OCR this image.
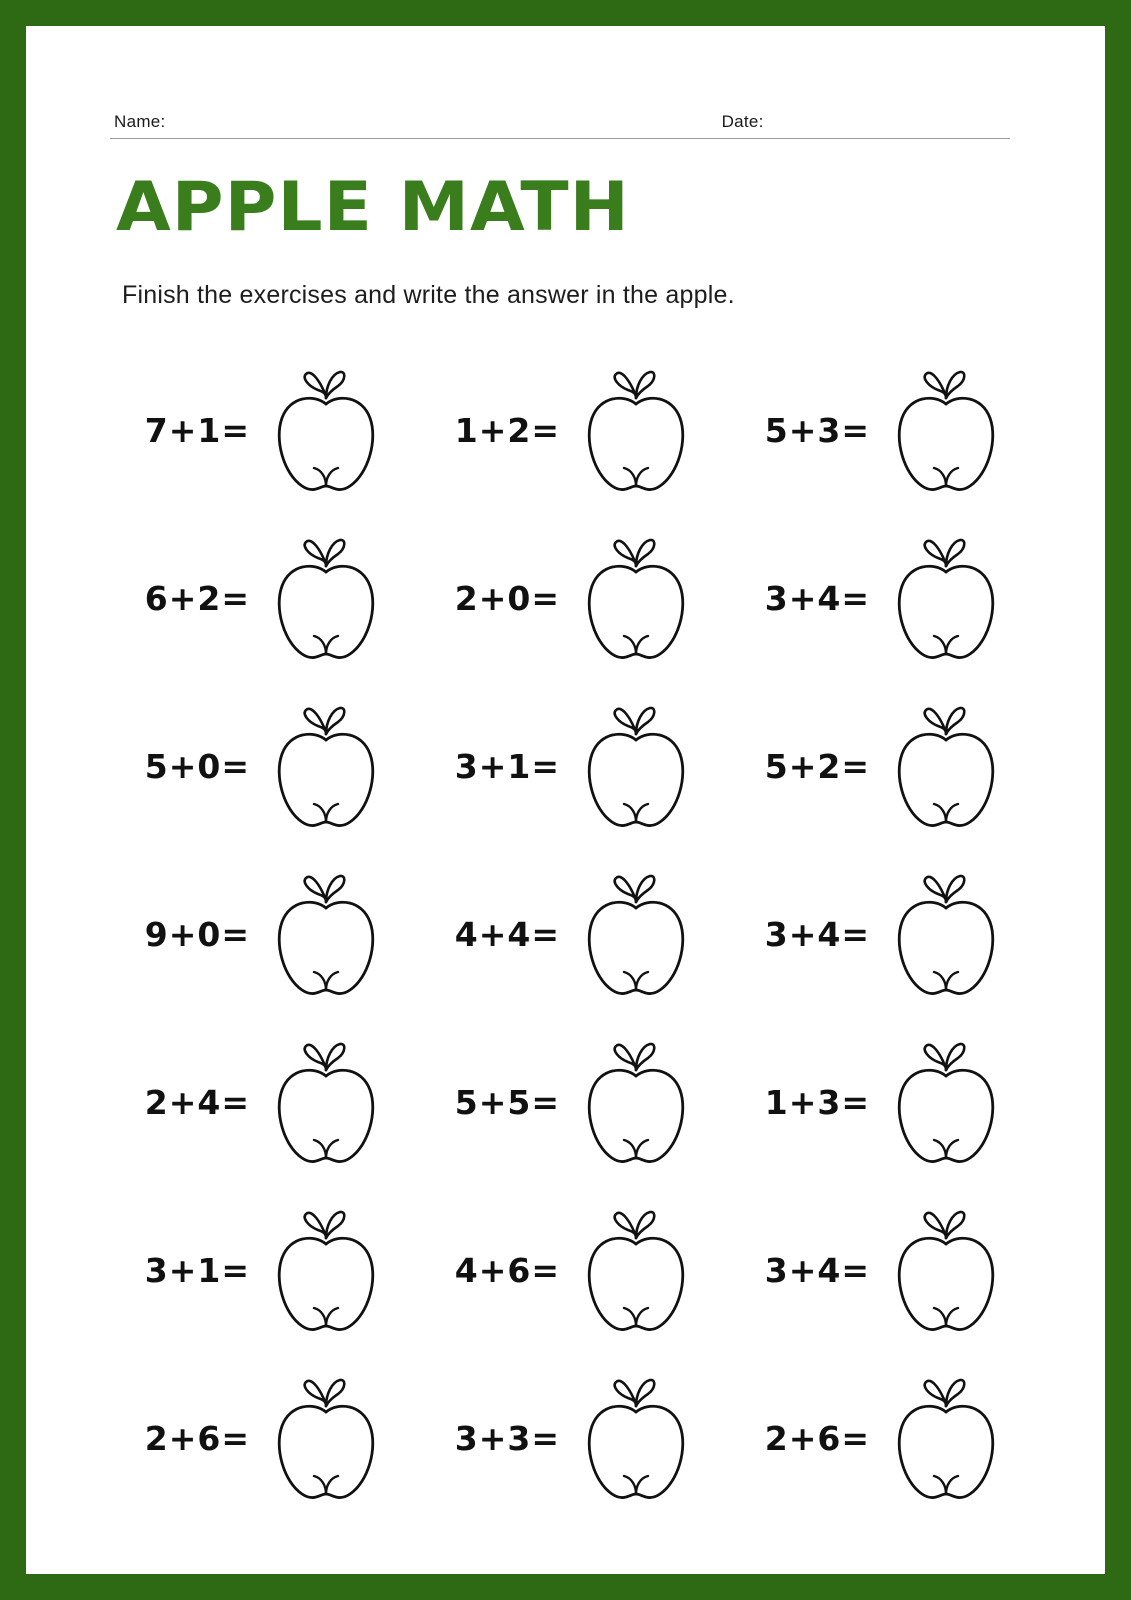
Name:	Date:
APPLE MATH
Finish the exercises and write the answer in the apple.
7+1=	1+2=	5+3=
6+2=	2+0=	3+4=
5+0=	3+1=	5+2=
9+0=	4+4=	3+4=
2+4=	5+5=	1+3=
3+1=	4+6=	3+4=
2+6=	3+3=	2+6=
